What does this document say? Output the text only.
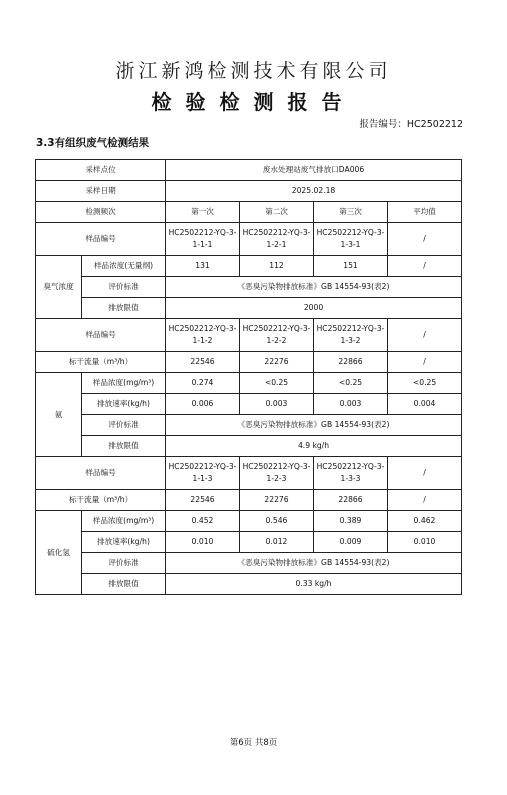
浙江新鸿检测技术有限公司
检验检测报告
报告编号：HC2502212
3.3有组织废气检测结果
采样点位		废水处理站废气排放口DA006			
采样日期		2025.02.18			
检测频次		第一次	第二次	第三次	平均值
样品编号		HC2502212-YQ-3-1-1-1	HC2502212-YQ-3-1-2-1	HC2502212-YQ-3-1-3-1	/
臭气浓度	样品浓度(无量纲)	131	112	151	/
	评价标准	《恶臭污染物排放标准》GB 14554-93(表2)			
	排放限值	2000			
样品编号		HC2502212-YQ-3-1-1-2	HC2502212-YQ-3-1-2-2	HC2502212-YQ-3-1-3-2	/
标干流量（m³/h）		22546	22276	22866	/
氨	样品浓度(mg/m³)	0.274	<0.25	<0.25	<0.25
	排放速率(kg/h)	0.006	0.003	0.003	0.004
	评价标准	《恶臭污染物排放标准》GB 14554-93(表2)			
	排放限值	4.9 kg/h			
样品编号		HC2502212-YQ-3-1-1-3	HC2502212-YQ-3-1-2-3	HC2502212-YQ-3-1-3-3	/
标干流量（m³/h）		22546	22276	22866	/
硫化氢	样品浓度(mg/m³)	0.452	0.546	0.389	0.462
	排放速率(kg/h)	0.010	0.012	0.009	0.010
	评价标准	《恶臭污染物排放标准》GB 14554-93(表2)			
	排放限值	0.33 kg/h			
第6页 共8页
